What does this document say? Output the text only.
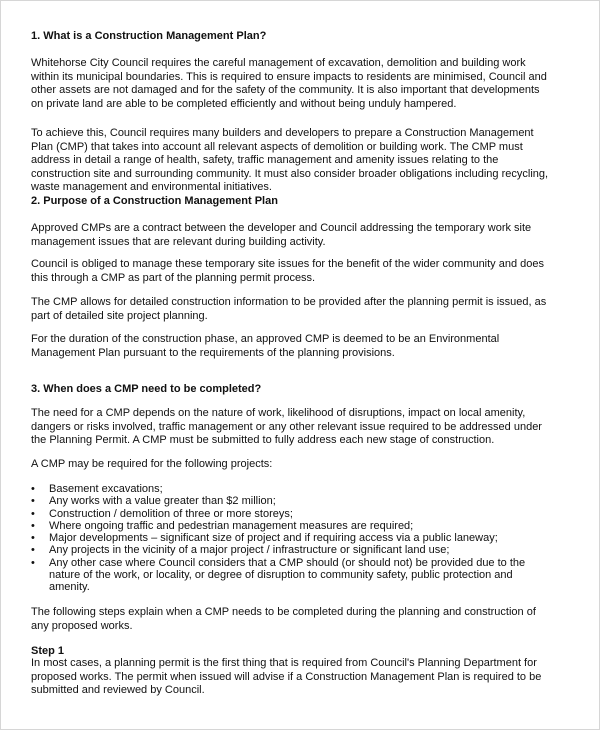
1. What is a Construction Management Plan?
Whitehorse City Council requires the careful management of excavation, demolition and building work
within its municipal boundaries. This is required to ensure impacts to residents are minimised, Council and
other assets are not damaged and for the safety of the community. It is also important that developments
on private land are able to be completed efficiently and without being unduly hampered.
To achieve this, Council requires many builders and developers to prepare a Construction Management
Plan (CMP) that takes into account all relevant aspects of demolition or building work. The CMP must
address in detail a range of health, safety, traffic management and amenity issues relating to the
construction site and surrounding community. It must also consider broader obligations including recycling,
waste management and environmental initiatives.
2. Purpose of a Construction Management Plan
Approved CMPs are a contract between the developer and Council addressing the temporary work site
management issues that are relevant during building activity.
Council is obliged to manage these temporary site issues for the benefit of the wider community and does
this through a CMP as part of the planning permit process.
The CMP allows for detailed construction information to be provided after the planning permit is issued, as
part of detailed site project planning.
For the duration of the construction phase, an approved CMP is deemed to be an Environmental
Management Plan pursuant to the requirements of the planning provisions.
3. When does a CMP need to be completed?
The need for a CMP depends on the nature of work, likelihood of disruptions, impact on local amenity,
dangers or risks involved, traffic management or any other relevant issue required to be addressed under
the Planning Permit. A CMP must be submitted to fully address each new stage of construction.
A CMP may be required for the following projects:
• Basement excavations;
• Any works with a value greater than $2 million;
• Construction / demolition of three or more storeys;
• Where ongoing traffic and pedestrian management measures are required;
• Major developments – significant size of project and if requiring access via a public laneway;
• Any projects in the vicinity of a major project / infrastructure or significant land use;
• Any other case where Council considers that a CMP should (or should not) be provided due to the
nature of the work, or locality, or degree of disruption to community safety, public protection and
amenity.
The following steps explain when a CMP needs to be completed during the planning and construction of
any proposed works.
Step 1
In most cases, a planning permit is the first thing that is required from Council's Planning Department for
proposed works. The permit when issued will advise if a Construction Management Plan is required to be
submitted and reviewed by Council.
